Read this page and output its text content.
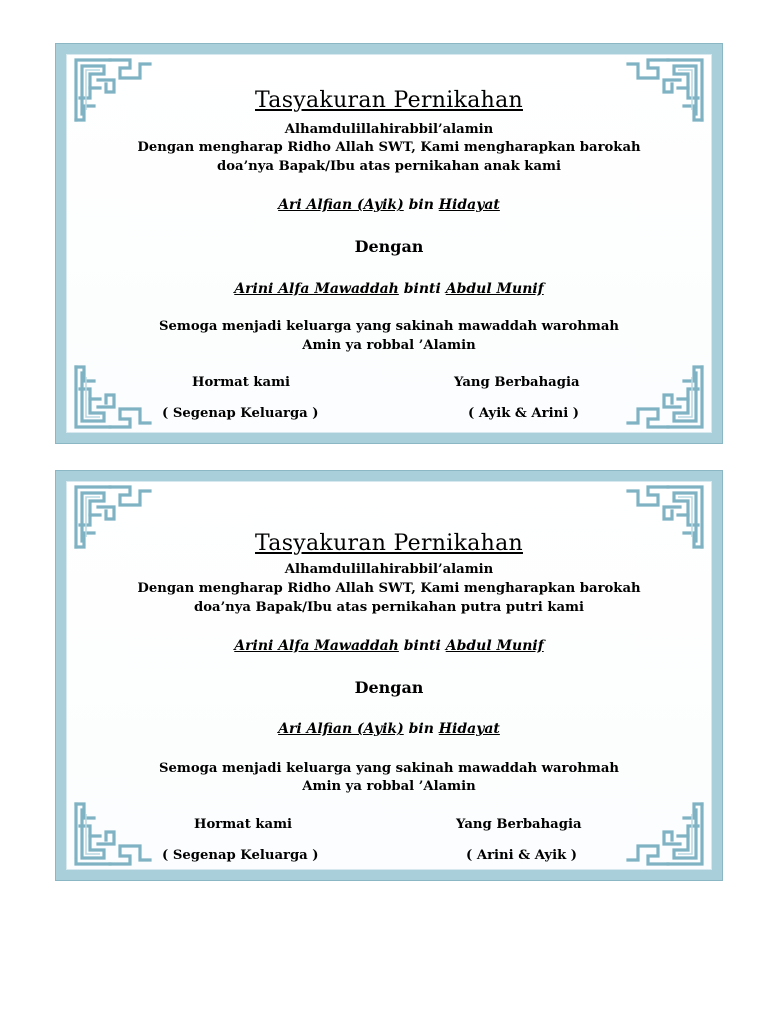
Tasyakuran Pernikahan
Alhamdulillahirabbil’alamin
Dengan mengharap Ridho Allah SWT, Kami mengharapkan barokah
doa’nya Bapak/Ibu atas pernikahan anak kami
Ari Alfian (Ayik) bin Hidayat
Dengan
Arini Alfa Mawaddah binti Abdul Munif
Semoga menjadi keluarga yang sakinah mawaddah warohmah
Amin ya robbal ’Alamin
Hormat kami
( Segenap Keluarga )
Yang Berbahagia
( Ayik & Arini )
Tasyakuran Pernikahan
Alhamdulillahirabbil’alamin
Dengan mengharap Ridho Allah SWT, Kami mengharapkan barokah
doa’nya Bapak/Ibu atas pernikahan putra putri kami
Arini Alfa Mawaddah binti Abdul Munif
Dengan
Ari Alfian (Ayik) bin Hidayat
Semoga menjadi keluarga yang sakinah mawaddah warohmah
Amin ya robbal ’Alamin
Hormat kami
( Segenap Keluarga )
Yang Berbahagia
( Arini & Ayik )
